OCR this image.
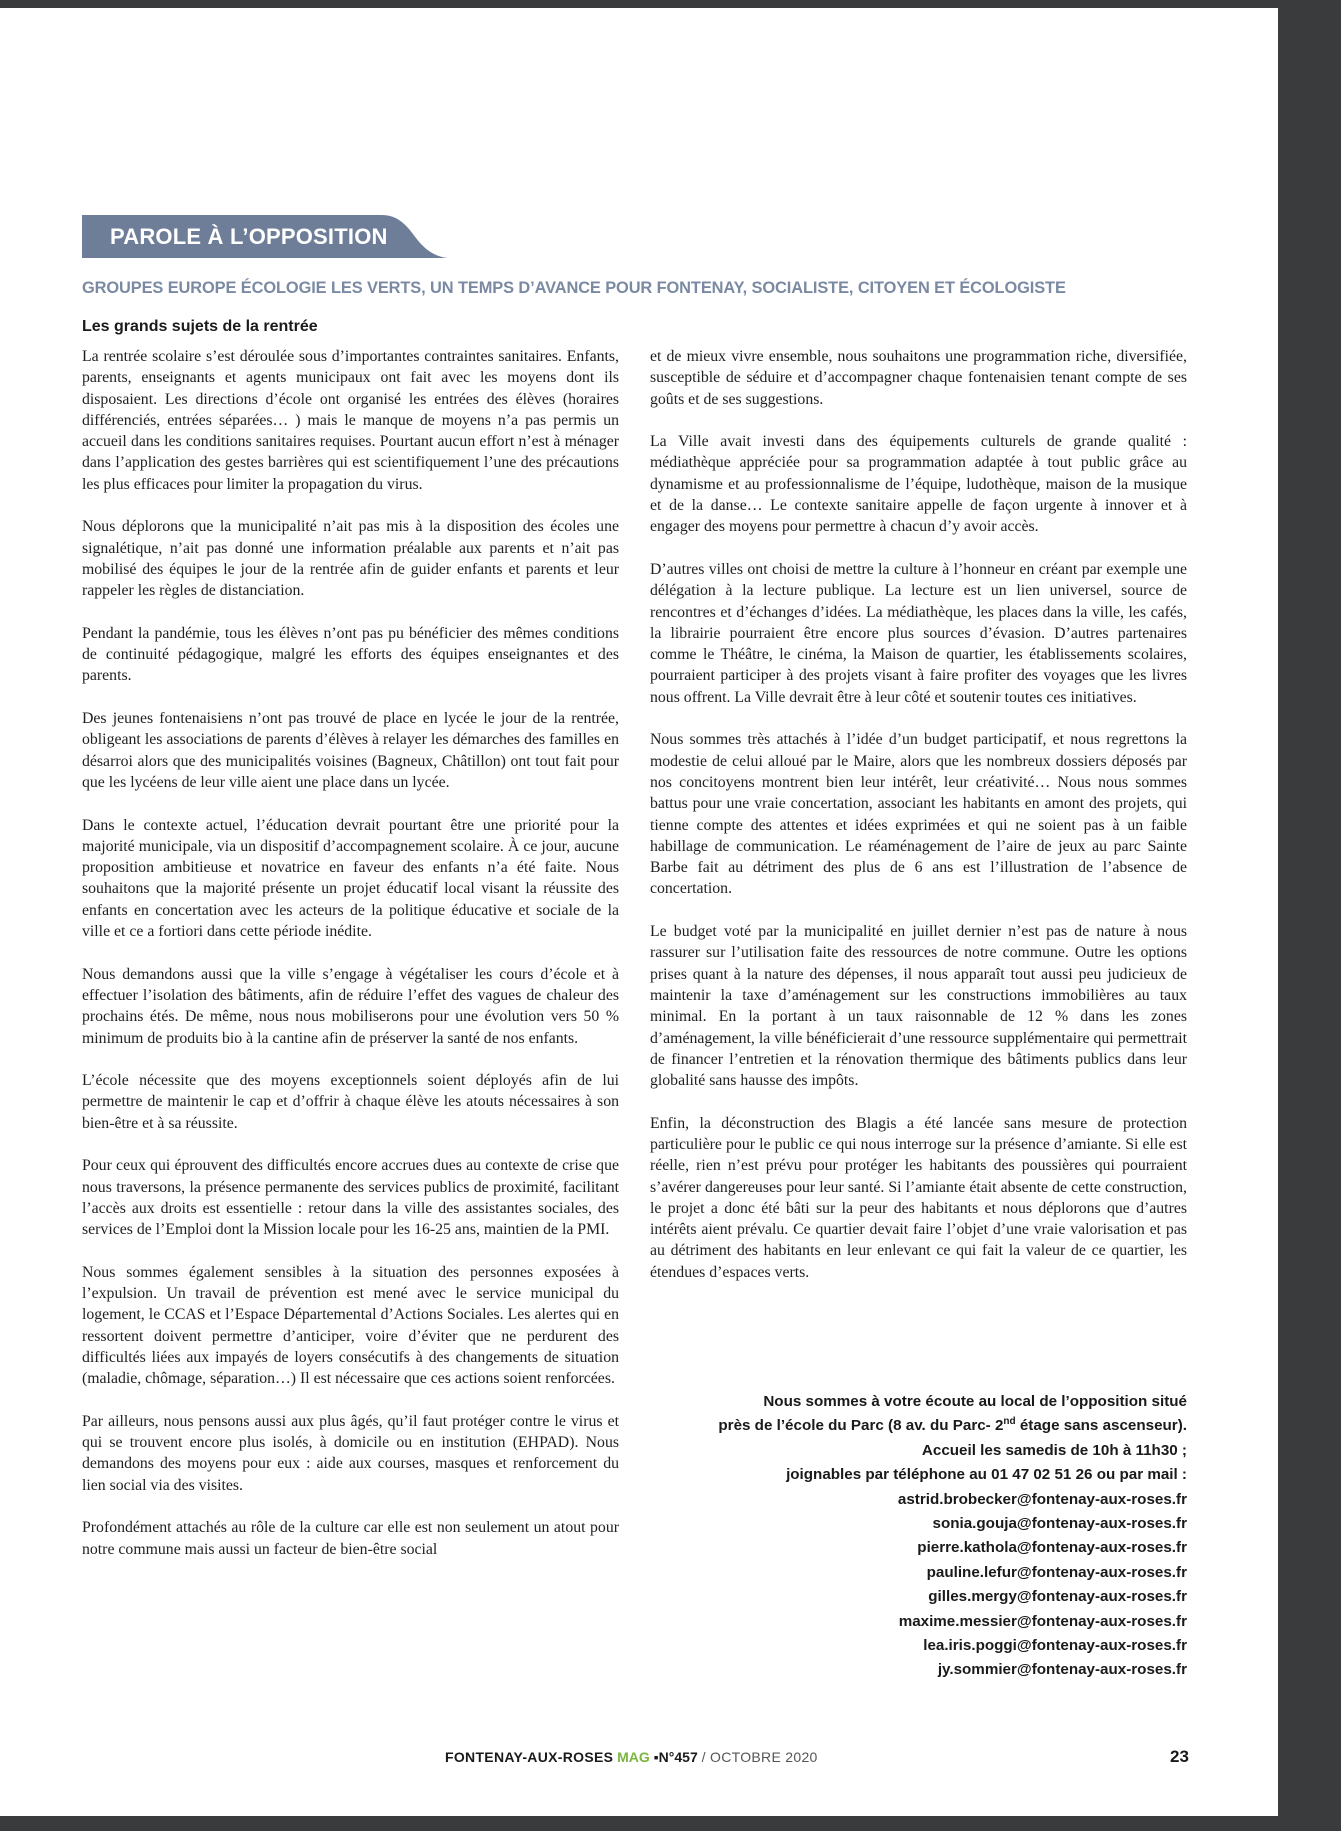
PAROLE À L’OPPOSITION
GROUPES EUROPE ÉCOLOGIE LES VERTS, UN TEMPS D’AVANCE POUR FONTENAY, SOCIALISTE, CITOYEN ET ÉCOLOGISTE
Les grands sujets de la rentrée

La rentrée scolaire s’est déroulée sous d’importantes contraintes sanitaires. Enfants, parents, enseignants et agents municipaux ont fait avec les moyens dont ils disposaient. Les directions d’école ont organisé les entrées des élèves (horaires différenciés, entrées séparées… ) mais le manque de moyens n’a pas permis un accueil dans les conditions sanitaires requises. Pourtant aucun effort n’est à ménager dans l’application des gestes barrières qui est scientifiquement l’une des précautions les plus efficaces pour limiter la propagation du virus.

Nous déplorons que la municipalité n’ait pas mis à la disposition des écoles une signalétique, n’ait pas donné une information préalable aux parents et n’ait pas mobilisé des équipes le jour de la rentrée afin de guider enfants et parents et leur rappeler les règles de distanciation.

Pendant la pandémie, tous les élèves n’ont pas pu bénéficier des mêmes conditions de continuité pédagogique, malgré les efforts des équipes enseignantes et des parents.

Des jeunes fontenaisiens n’ont pas trouvé de place en lycée le jour de la rentrée, obligeant les associations de parents d’élèves à relayer les démarches des familles en désarroi alors que des municipalités voisines (Bagneux, Châtillon) ont tout fait pour que les lycéens de leur ville aient une place dans un lycée.

Dans le contexte actuel, l’éducation devrait pourtant être une priorité pour la majorité municipale, via un dispositif d’accompagnement scolaire. À ce jour, aucune proposition ambitieuse et novatrice en faveur des enfants n’a été faite. Nous souhaitons que la majorité présente un projet éducatif local visant la réussite des enfants en concertation avec les acteurs de la politique éducative et sociale de la ville et ce a fortiori dans cette période inédite.

Nous demandons aussi que la ville s’engage à végétaliser les cours d’école et à effectuer l’isolation des bâtiments, afin de réduire l’effet des vagues de chaleur des prochains étés. De même, nous nous mobiliserons pour une évolution vers 50 % minimum de produits bio à la cantine afin de préserver la santé de nos enfants.

L’école nécessite que des moyens exceptionnels soient déployés afin de lui permettre de maintenir le cap et d’offrir à chaque élève les atouts nécessaires à son bien-être et à sa réussite.

Pour ceux qui éprouvent des difficultés encore accrues dues au contexte de crise que nous traversons, la présence permanente des services publics de proximité, facilitant l’accès aux droits est essentielle : retour dans la ville des assistantes sociales, des services de l’Emploi dont la Mission locale pour les 16-25 ans, maintien de la PMI.

Nous sommes également sensibles à la situation des personnes exposées à l’expulsion. Un travail de prévention est mené avec le service municipal du logement, le CCAS et l’Espace Départemental d’Actions Sociales. Les alertes qui en ressortent doivent permettre d’anticiper, voire d’éviter que ne perdurent des difficultés liées aux impayés de loyers consécutifs à des changements de situation (maladie, chômage, séparation…) Il est nécessaire que ces actions soient renforcées.

Par ailleurs, nous pensons aussi aux plus âgés, qu’il faut protéger contre le virus et qui se trouvent encore plus isolés, à domicile ou en institution (EHPAD). Nous demandons des moyens pour eux : aide aux courses, masques et renforcement du lien social via des visites.

Profondément attachés au rôle de la culture car elle est non seulement un atout pour notre commune mais aussi un facteur de bien-être social

et de mieux vivre ensemble, nous souhaitons une programmation riche, diversifiée, susceptible de séduire et d’accompagner chaque fontenaisien tenant compte de ses goûts et de ses suggestions.

La Ville avait investi dans des équipements culturels de grande qualité : médiathèque appréciée pour sa programmation adaptée à tout public grâce au dynamisme et au professionnalisme de l’équipe, ludothèque, maison de la musique et de la danse… Le contexte sanitaire appelle de façon urgente à innover et à engager des moyens pour permettre à chacun d’y avoir accès.

D’autres villes ont choisi de mettre la culture à l’honneur en créant par exemple une délégation à la lecture publique. La lecture est un lien universel, source de rencontres et d’échanges d’idées. La médiathèque, les places dans la ville, les cafés, la librairie pourraient être encore plus sources d’évasion. D’autres partenaires comme le Théâtre, le cinéma, la Maison de quartier, les établissements scolaires, pourraient participer à des projets visant à faire profiter des voyages que les livres nous offrent. La Ville devrait être à leur côté et soutenir toutes ces initiatives.

Nous sommes très attachés à l’idée d’un budget participatif, et nous regrettons la modestie de celui alloué par le Maire, alors que les nombreux dossiers déposés par nos concitoyens montrent bien leur intérêt, leur créativité… Nous nous sommes battus pour une vraie concertation, associant les habitants en amont des projets, qui tienne compte des attentes et idées exprimées et qui ne soient pas à un faible habillage de communication. Le réaménagement de l’aire de jeux au parc Sainte Barbe fait au détriment des plus de 6 ans est l’illustration de l’absence de concertation.

Le budget voté par la municipalité en juillet dernier n’est pas de nature à nous rassurer sur l’utilisation faite des ressources de notre commune. Outre les options prises quant à la nature des dépenses, il nous apparaît tout aussi peu judicieux de maintenir la taxe d’aménagement sur les constructions immobilières au taux minimal. En la portant à un taux raisonnable de 12 % dans les zones d’aménagement, la ville bénéficierait d’une ressource supplémentaire qui permettrait de financer l’entretien et la rénovation thermique des bâtiments publics dans leur globalité sans hausse des impôts.

Enfin, la déconstruction des Blagis a été lancée sans mesure de protection particulière pour le public ce qui nous interroge sur la présence d’amiante. Si elle est réelle, rien n’est prévu pour protéger les habitants des poussières qui pourraient s’avérer dangereuses pour leur santé. Si l’amiante était absente de cette construction, le projet a donc été bâti sur la peur des habitants et nous déplorons que d’autres intérêts aient prévalu. Ce quartier devait faire l’objet d’une vraie valorisation et pas au détriment des habitants en leur enlevant ce qui fait la valeur de ce quartier, les étendues d’espaces verts.

Nous sommes à votre écoute au local de l’opposition situé
près de l’école du Parc (8 av. du Parc- 2nd étage sans ascenseur).
Accueil les samedis de 10h à 11h30 ;
joignables par téléphone au 01 47 02 51 26 ou par mail :
astrid.brobecker@fontenay-aux-roses.fr
sonia.gouja@fontenay-aux-roses.fr
pierre.kathola@fontenay-aux-roses.fr
pauline.lefur@fontenay-aux-roses.fr
gilles.mergy@fontenay-aux-roses.fr
maxime.messier@fontenay-aux-roses.fr
lea.iris.poggi@fontenay-aux-roses.fr
jy.sommier@fontenay-aux-roses.fr
FONTENAY-AUX-ROSES MAG ▪N°457 / OCTOBRE 2020	23
